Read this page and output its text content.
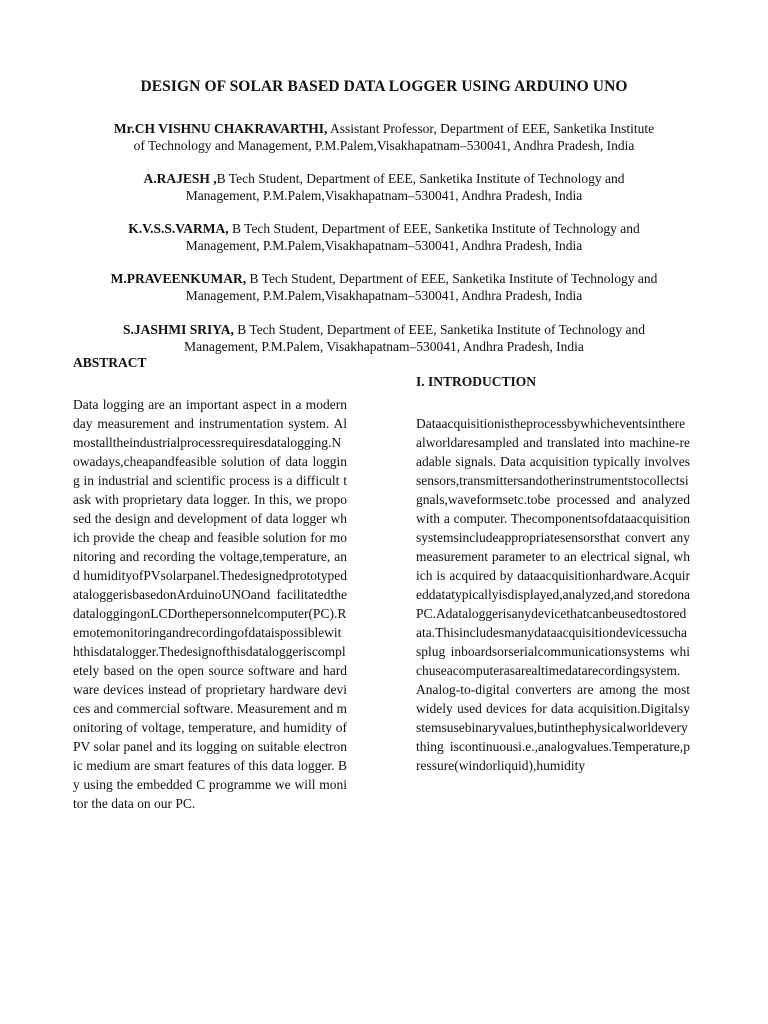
DESIGN OF SOLAR BASED DATA LOGGER USING ARDUINO UNO
Mr.CH VISHNU CHAKRAVARTHI, Assistant Professor, Department of EEE, Sanketika Institute
of Technology and Management, P.M.Palem,Visakhapatnam–530041, Andhra Pradesh, India
A.RAJESH ,B Tech Student, Department of EEE, Sanketika Institute of Technology and
Management, P.M.Palem,Visakhapatnam–530041, Andhra Pradesh, India
K.V.S.S.VARMA, B Tech Student, Department of EEE, Sanketika Institute of Technology and
Management, P.M.Palem,Visakhapatnam–530041, Andhra Pradesh, India
M.PRAVEENKUMAR, B Tech Student, Department of EEE, Sanketika Institute of Technology and
Management, P.M.Palem,Visakhapatnam–530041, Andhra Pradesh, India
S.JASHMI SRIYA, B Tech Student, Department of EEE, Sanketika Institute of Technology and
Management, P.M.Palem, Visakhapatnam–530041, Andhra Pradesh, India
ABSTRACT
I. INTRODUCTION
Data logging are an important aspect in a modern day measurement and instrumentation system. Almostalltheindustrialprocessrequiresdatalogging.Nowadays,cheapandfeasible solution of data logging in industrial and scientific process is a difficult task with proprietary data logger. In this, we proposed the design and development of data logger which provide the cheap and feasible solution for monitoring and recording the voltage,temperature, and humidityofPVsolarpanel.ThedesignedprototypedataloggerisbasedonArduinoUNOand facilitatedthedataloggingonLCDorthepersonnelcomputer(PC).Remotemonitoringandrecordingofdataispossiblewiththisdatalogger.Thedesignofthisdataloggeriscompletely based on the open source software and hardware devices instead of proprietary hardware devices and commercial software. Measurement and monitoring of voltage, temperature, and humidity of PV solar panel and its logging on suitable electronic medium are smart features of this data logger. By using the embedded C programme we will monitor the data on our PC.
Dataacquisitionistheprocessbywhicheventsintherealworldaresampled and translated into machine-readable signals. Data acquisition typically involves sensors,transmittersandotherinstrumentstocollectsignals,waveformsetc.tobe processed and analyzed with a computer. Thecomponentsofdataacquisitionsystemsincludeappropriatesensorsthat convert any measurement parameter to an electrical signal, which is acquired by dataacquisitionhardware.Acquireddatatypicallyisdisplayed,analyzed,and storedonaPC.Adataloggerisanydevicethatcanbeusedtostoredata.Thisincludesmanydataacquisitiondevicessuchasplug inboardsorserialcommunicationsystems whichuseacomputerasarealtimedatarecordingsystem. Analog-to-digital converters are among the most widely used devices for data acquisition.Digitalsystemsusebinaryvalues,butinthephysicalworldeverything iscontinuousi.e.,analogvalues.Temperature,pressure(windorliquid),humidity
